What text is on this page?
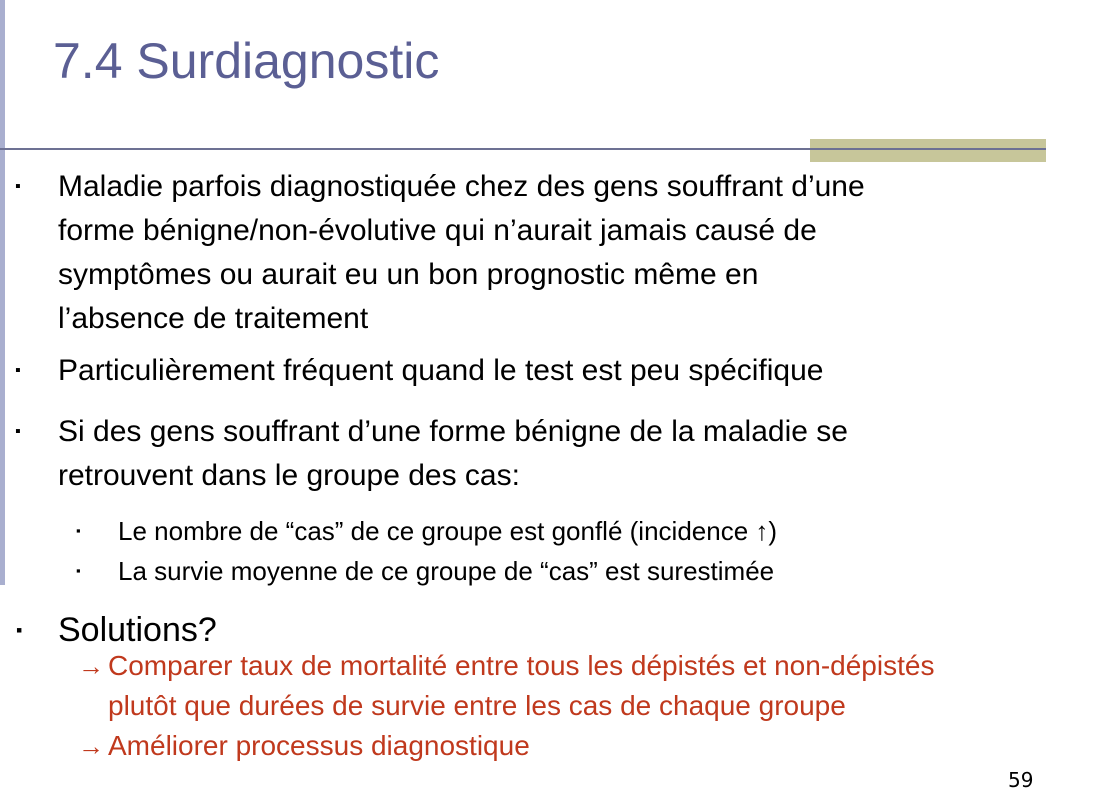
7.4 Surdiagnostic
▪ Maladie parfois diagnostiquée chez des gens souffrant d’une
forme bénigne/non-évolutive qui n’aurait jamais causé de
symptômes ou aurait eu un bon prognostic même en
l’absence de traitement
▪ Particulièrement fréquent quand le test est peu spécifique
▪ Si des gens souffrant d’une forme bénigne de la maladie se
retrouvent dans le groupe des cas:
▪ Le nombre de “cas” de ce groupe est gonflé (incidence ↑)
▪ La survie moyenne de ce groupe de “cas” est surestimée
▪ Solutions?
→ Comparer taux de mortalité entre tous les dépistés et non-dépistés
plutôt que durées de survie entre les cas de chaque groupe
→ Améliorer processus diagnostique
59
